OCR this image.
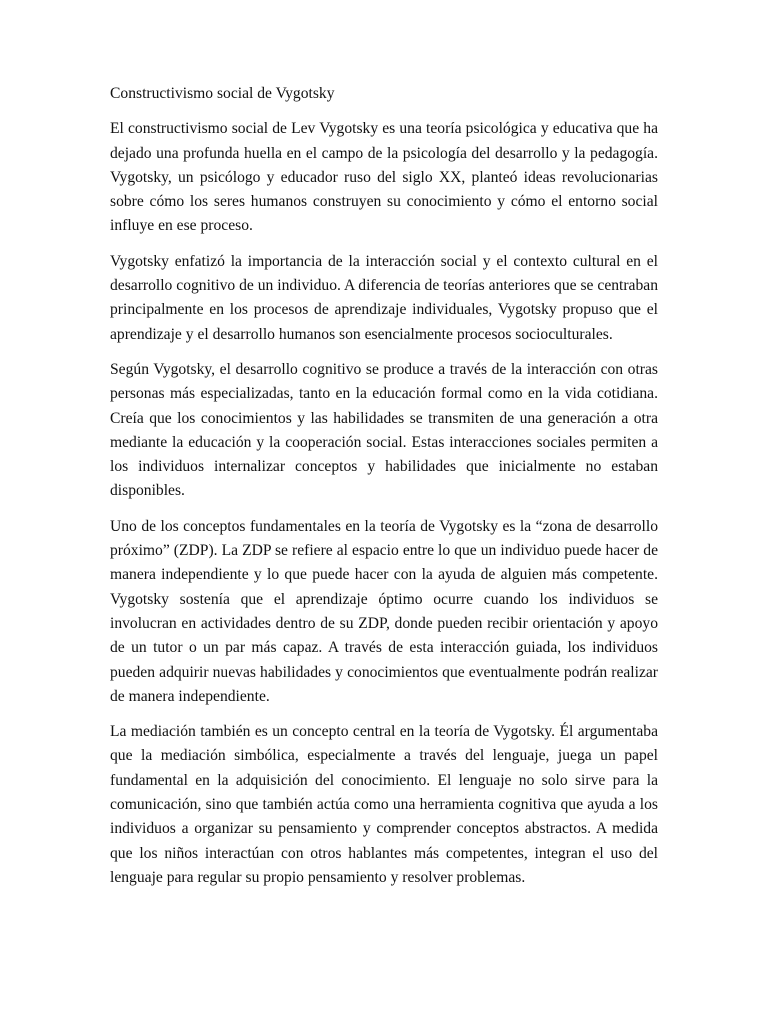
Constructivismo social de Vygotsky

El constructivismo social de Lev Vygotsky es una teoría psicológica y educativa que ha dejado una profunda huella en el campo de la psicología del desarrollo y la pedagogía. Vygotsky, un psicólogo y educador ruso del siglo XX, planteó ideas revolucionarias sobre cómo los seres humanos construyen su conocimiento y cómo el entorno social influye en ese proceso.

Vygotsky enfatizó la importancia de la interacción social y el contexto cultural en el desarrollo cognitivo de un individuo. A diferencia de teorías anteriores que se centraban principalmente en los procesos de aprendizaje individuales, Vygotsky propuso que el aprendizaje y el desarrollo humanos son esencialmente procesos socioculturales.

Según Vygotsky, el desarrollo cognitivo se produce a través de la interacción con otras personas más especializadas, tanto en la educación formal como en la vida cotidiana. Creía que los conocimientos y las habilidades se transmiten de una generación a otra mediante la educación y la cooperación social. Estas interacciones sociales permiten a los individuos internalizar conceptos y habilidades que inicialmente no estaban disponibles.

Uno de los conceptos fundamentales en la teoría de Vygotsky es la “zona de desarrollo próximo” (ZDP). La ZDP se refiere al espacio entre lo que un individuo puede hacer de manera independiente y lo que puede hacer con la ayuda de alguien más competente. Vygotsky sostenía que el aprendizaje óptimo ocurre cuando los individuos se involucran en actividades dentro de su ZDP, donde pueden recibir orientación y apoyo de un tutor o un par más capaz. A través de esta interacción guiada, los individuos pueden adquirir nuevas habilidades y conocimientos que eventualmente podrán realizar de manera independiente.

La mediación también es un concepto central en la teoría de Vygotsky. Él argumentaba que la mediación simbólica, especialmente a través del lenguaje, juega un papel fundamental en la adquisición del conocimiento. El lenguaje no solo sirve para la comunicación, sino que también actúa como una herramienta cognitiva que ayuda a los individuos a organizar su pensamiento y comprender conceptos abstractos. A medida que los niños interactúan con otros hablantes más competentes, integran el uso del lenguaje para regular su propio pensamiento y resolver problemas.
